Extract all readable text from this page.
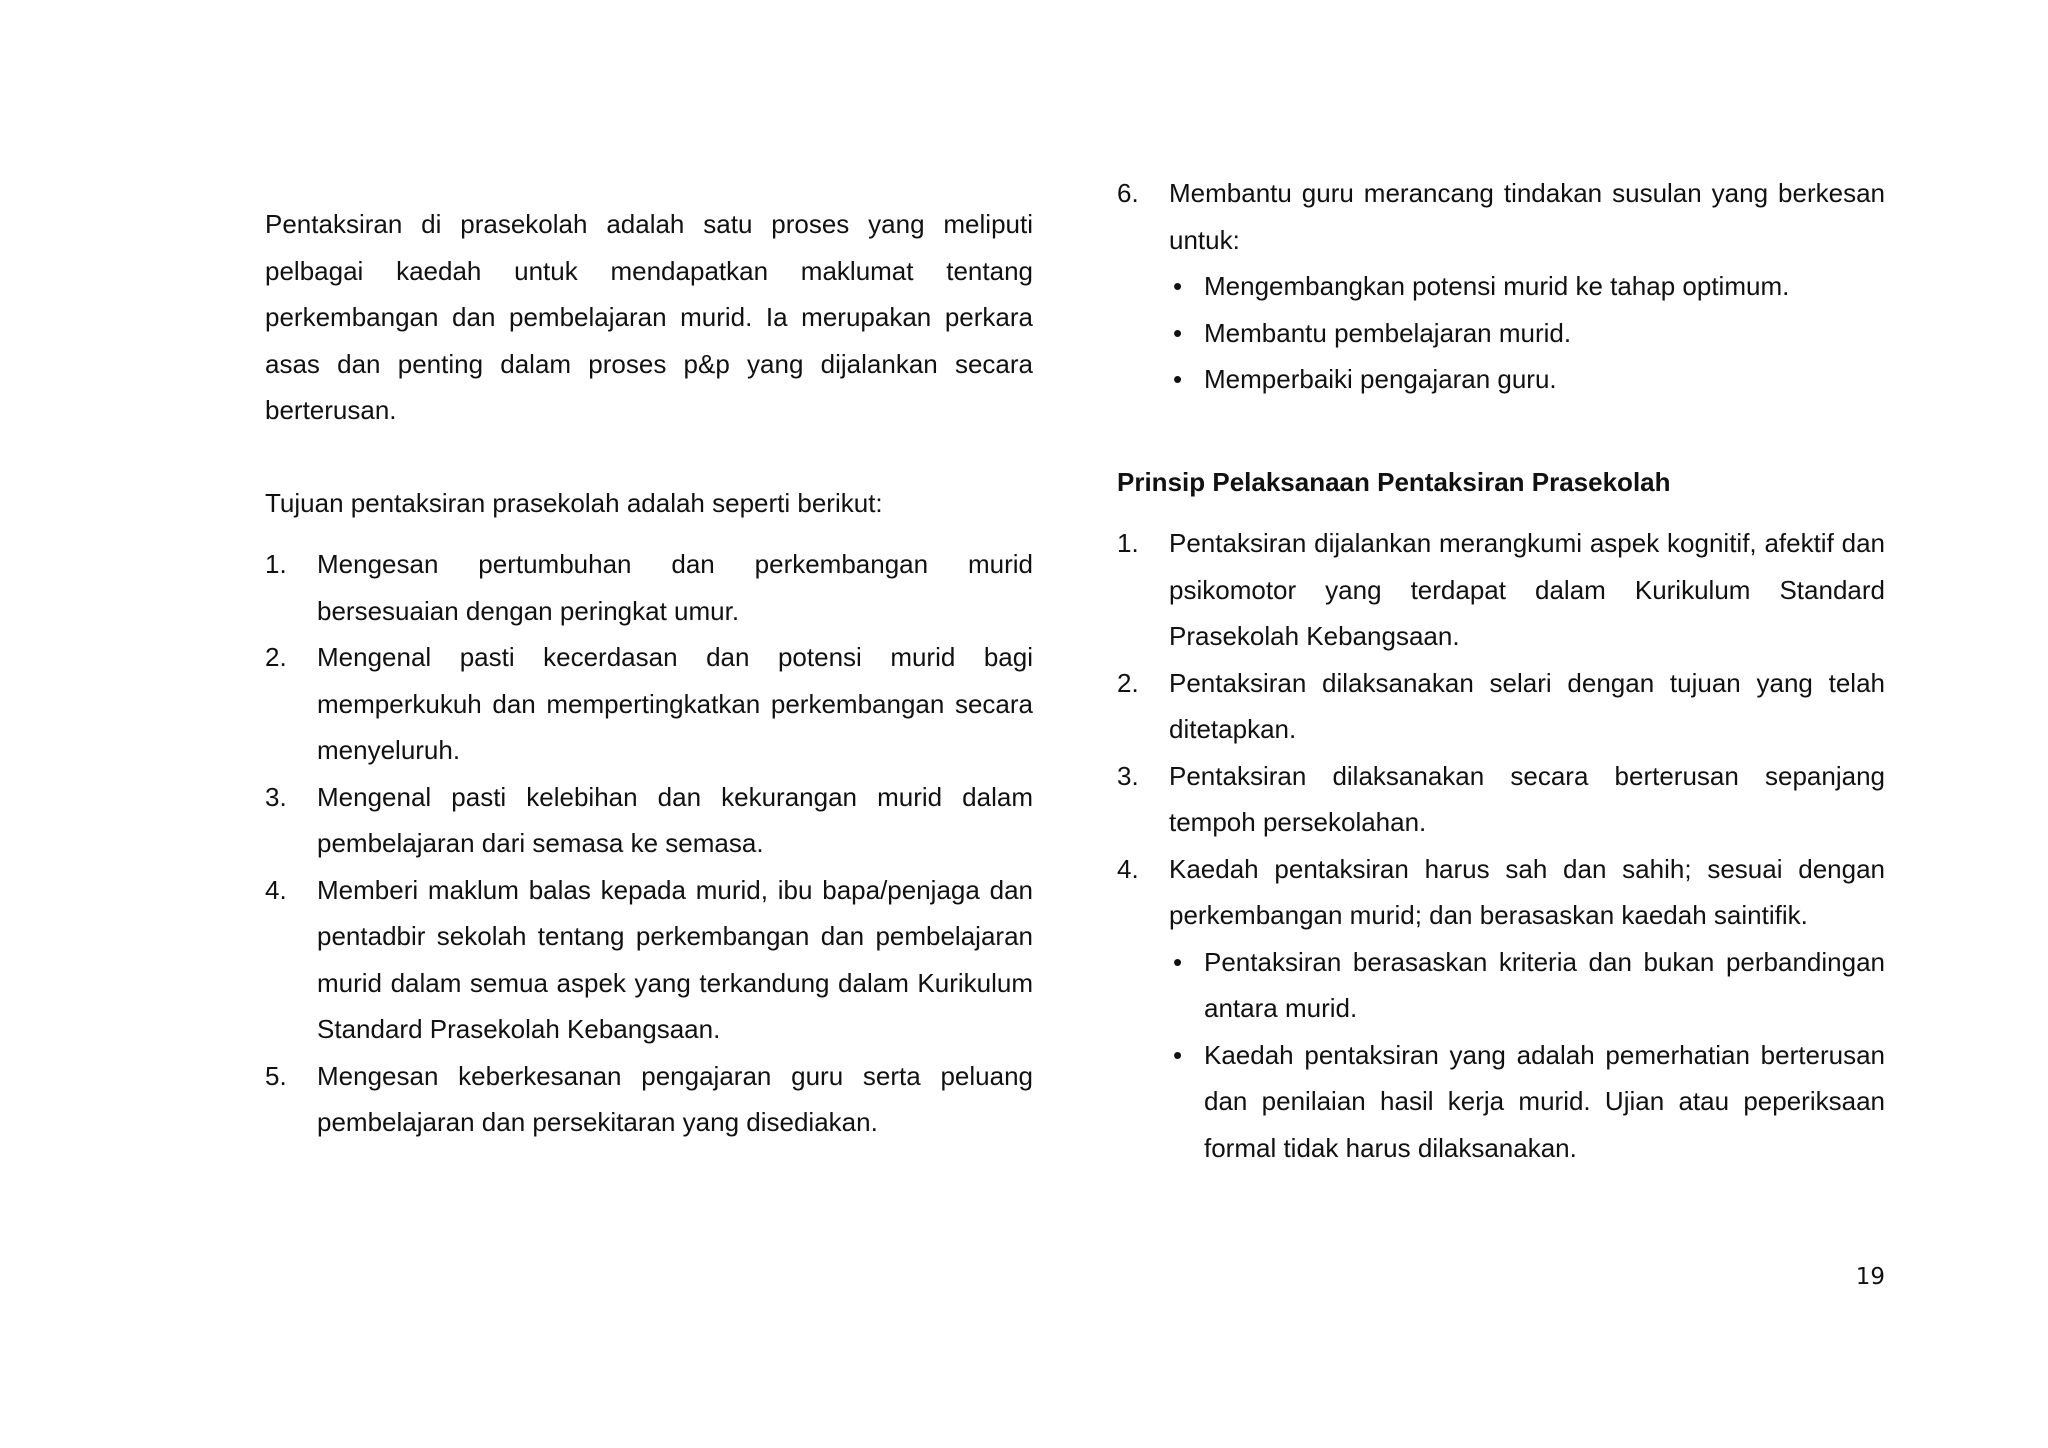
Pentaksiran di prasekolah adalah satu proses yang meliputi pelbagai kaedah untuk mendapatkan maklumat tentang perkembangan dan pembelajaran murid. Ia merupakan perkara asas dan penting dalam proses p&p yang dijalankan secara berterusan.

Tujuan pentaksiran prasekolah adalah seperti berikut:

1. Mengesan pertumbuhan dan perkembangan murid bersesuaian dengan peringkat umur.
2. Mengenal pasti kecerdasan dan potensi murid bagi memperkukuh dan mempertingkatkan perkembangan secara menyeluruh.
3. Mengenal pasti kelebihan dan kekurangan murid dalam pembelajaran dari semasa ke semasa.
4. Memberi maklum balas kepada murid, ibu bapa/penjaga dan pentadbir sekolah tentang perkembangan dan pembelajaran murid dalam semua aspek yang terkandung dalam Kurikulum Standard Prasekolah Kebangsaan.
5. Mengesan keberkesanan pengajaran guru serta peluang pembelajaran dan persekitaran yang disediakan.
6. Membantu guru merancang tindakan susulan yang berkesan untuk:
• Mengembangkan potensi murid ke tahap optimum.
• Membantu pembelajaran murid.
• Memperbaiki pengajaran guru.

Prinsip Pelaksanaan Pentaksiran Prasekolah

1. Pentaksiran dijalankan merangkumi aspek kognitif, afektif dan psikomotor yang terdapat dalam Kurikulum Standard Prasekolah Kebangsaan.
2. Pentaksiran dilaksanakan selari dengan tujuan yang telah ditetapkan.
3. Pentaksiran dilaksanakan secara berterusan sepanjang tempoh persekolahan.
4. Kaedah pentaksiran harus sah dan sahih; sesuai dengan perkembangan murid; dan berasaskan kaedah saintifik.
• Pentaksiran berasaskan kriteria dan bukan perbandingan antara murid.
• Kaedah pentaksiran yang adalah pemerhatian berterusan dan penilaian hasil kerja murid. Ujian atau peperiksaan formal tidak harus dilaksanakan.
19
